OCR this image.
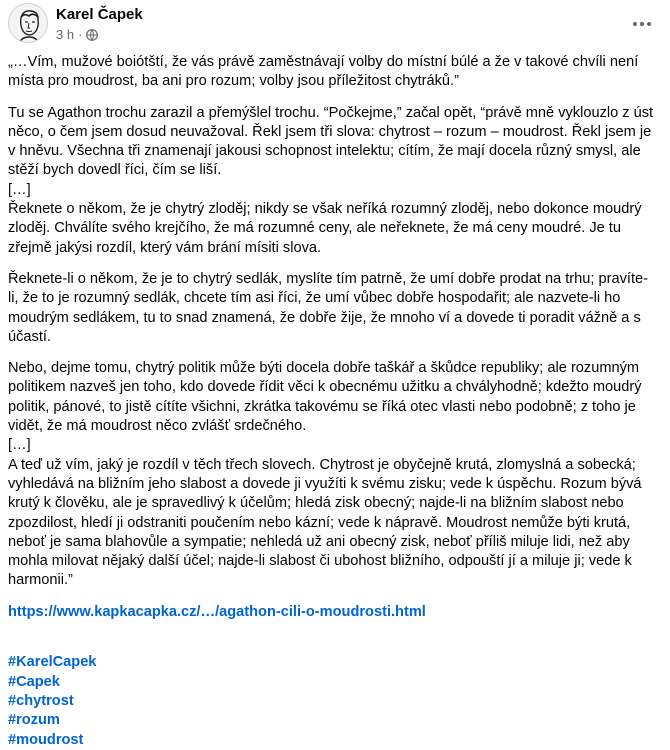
Karel Čapek
3 h ·

„…Vím, mužové boiótští, že vás právě zaměstnávají volby do místní búlé a že v takové chvíli není místa pro moudrost, ba ani pro rozum; volby jsou příležitost chytráků.”

Tu se Agathon trochu zarazil a přemýšlel trochu. “Počkejme,” začal opět, “právě mně vyklouzlo z úst něco, o čem jsem dosud neuvažoval. Řekl jsem tři slova: chytrost – rozum – moudrost. Řekl jsem je v hněvu. Všechna tři znamenají jakousi schopnost intelektu; cítím, že mají docela různý smysl, ale stěží bych dovedl říci, čím se liší.
[…]
Řeknete o někom, že je chytrý zloděj; nikdy se však neříká rozumný zloděj, nebo dokonce moudrý zloděj. Chválíte svého krejčího, že má rozumné ceny, ale neřeknete, že má ceny moudré. Je tu zřejmě jakýsi rozdíl, který vám brání mísiti slova.

Řeknete-li o někom, že je to chytrý sedlák, myslíte tím patrně, že umí dobře prodat na trhu; pravíte-li, že to je rozumný sedlák, chcete tím asi říci, že umí vůbec dobře hospodařit; ale nazvete-li ho moudrým sedlákem, tu to snad znamená, že dobře žije, že mnoho ví a dovede ti poradit vážně a s účastí.

Nebo, dejme tomu, chytrý politik může býti docela dobře taškář a škůdce republiky; ale rozumným politikem nazveš jen toho, kdo dovede řídit věci k obecnému užitku a chvályhodně; kdežto moudrý politik, pánové, to jistě cítíte všichni, zkrátka takovému se říká otec vlasti nebo podobně; z toho je vidět, že má moudrost něco zvlášť srdečného.
[…]
A teď už vím, jaký je rozdíl v těch třech slovech. Chytrost je obyčejně krutá, zlomyslná a sobecká; vyhledává na bližním jeho slabost a dovede ji využíti k svému zisku; vede k úspěchu. Rozum bývá krutý k člověku, ale je spravedlivý k účelům; hledá zisk obecný; najde-li na bližním slabost nebo zpozdilost, hledí ji odstraniti poučením nebo kázní; vede k nápravě. Moudrost nemůže býti krutá, neboť je sama blahovůle a sympatie; nehledá už ani obecný zisk, neboť příliš miluje lidi, než aby mohla milovat nějaký další účel; najde-li slabost či ubohost bližního, odpouští jí a miluje ji; vede k harmonii.”

https://www.kapkacapka.cz/…/agathon-cili-o-moudrosti.html

#KarelCapek
#Capek
#chytrost
#rozum
#moudrost
